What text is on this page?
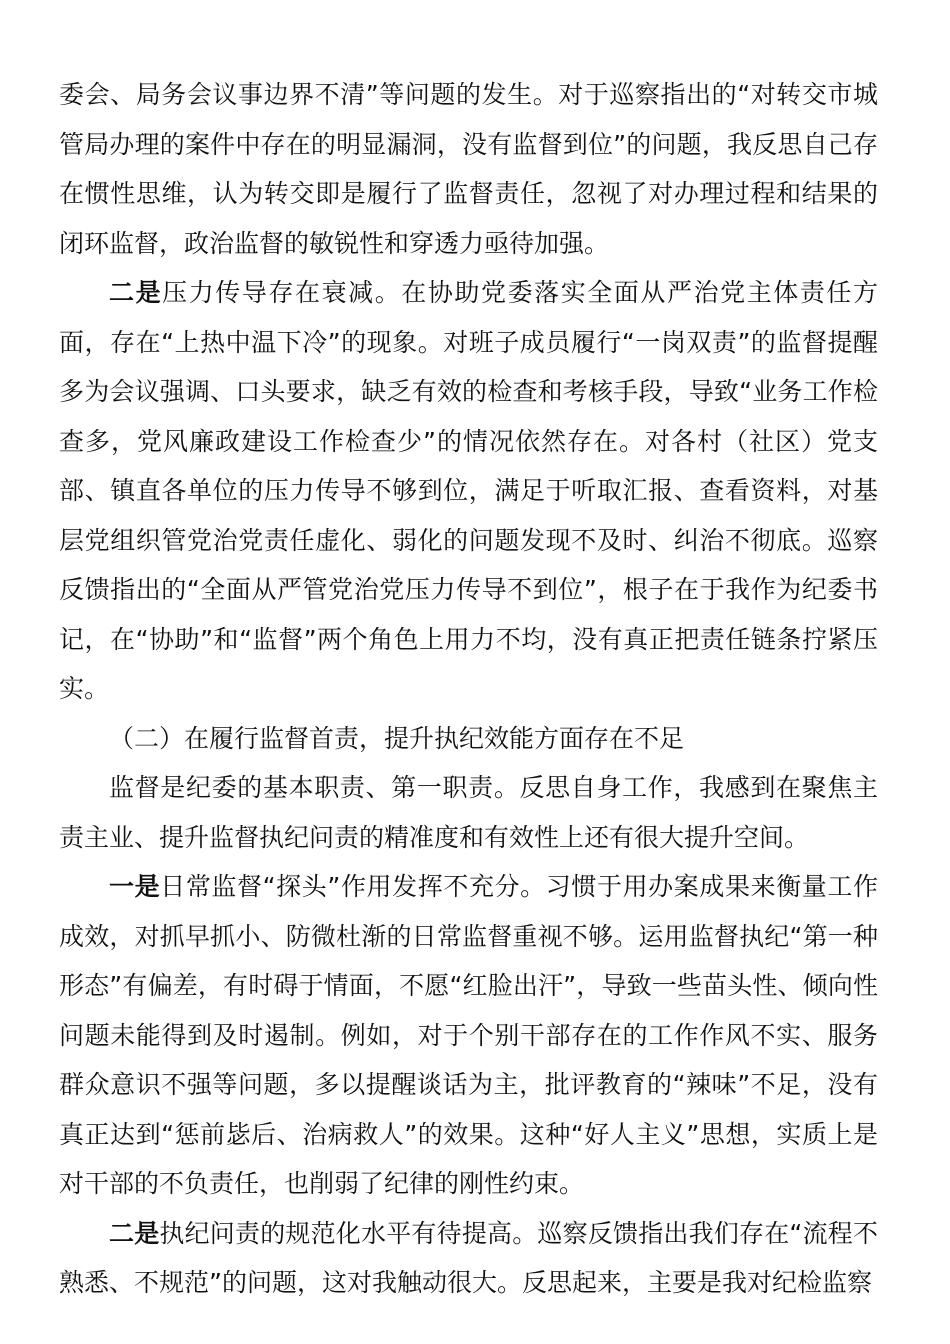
委会、局务会议事边界不清”等问题的发生。对于巡察指出的“对转交市城管局办理的案件中存在的明显漏洞，没有监督到位”的问题，我反思自己存在惯性思维，认为转交即是履行了监督责任，忽视了对办理过程和结果的闭环监督，政治监督的敏锐性和穿透力亟待加强。

二是压力传导存在衰减。在协助党委落实全面从严治党主体责任方面，存在“上热中温下冷”的现象。对班子成员履行“一岗双责”的监督提醒多为会议强调、口头要求，缺乏有效的检查和考核手段，导致“业务工作检查多，党风廉政建设工作检查少”的情况依然存在。对各村（社区）党支部、镇直各单位的压力传导不够到位，满足于听取汇报、查看资料，对基层党组织管党治党责任虚化、弱化的问题发现不及时、纠治不彻底。巡察反馈指出的“全面从严管党治党压力传导不到位”，根子在于我作为纪委书记，在“协助”和“监督”两个角色上用力不均，没有真正把责任链条拧紧压实。

（二）在履行监督首责，提升执纪效能方面存在不足

监督是纪委的基本职责、第一职责。反思自身工作，我感到在聚焦主责主业、提升监督执纪问责的精准度和有效性上还有很大提升空间。

一是日常监督“探头”作用发挥不充分。习惯于用办案成果来衡量工作成效，对抓早抓小、防微杜渐的日常监督重视不够。运用监督执纪“第一种形态”有偏差，有时碍于情面，不愿“红脸出汗”，导致一些苗头性、倾向性问题未能得到及时遏制。例如，对于个别干部存在的工作作风不实、服务群众意识不强等问题，多以提醒谈话为主，批评教育的“辣味”不足，没有真正达到“惩前毖后、治病救人”的效果。这种“好人主义”思想，实质上是对干部的不负责任，也削弱了纪律的刚性约束。

二是执纪问责的规范化水平有待提高。巡察反馈指出我们存在“流程不熟悉、不规范”的问题，这对我触动很大。反思起来，主要是我对纪检监察
